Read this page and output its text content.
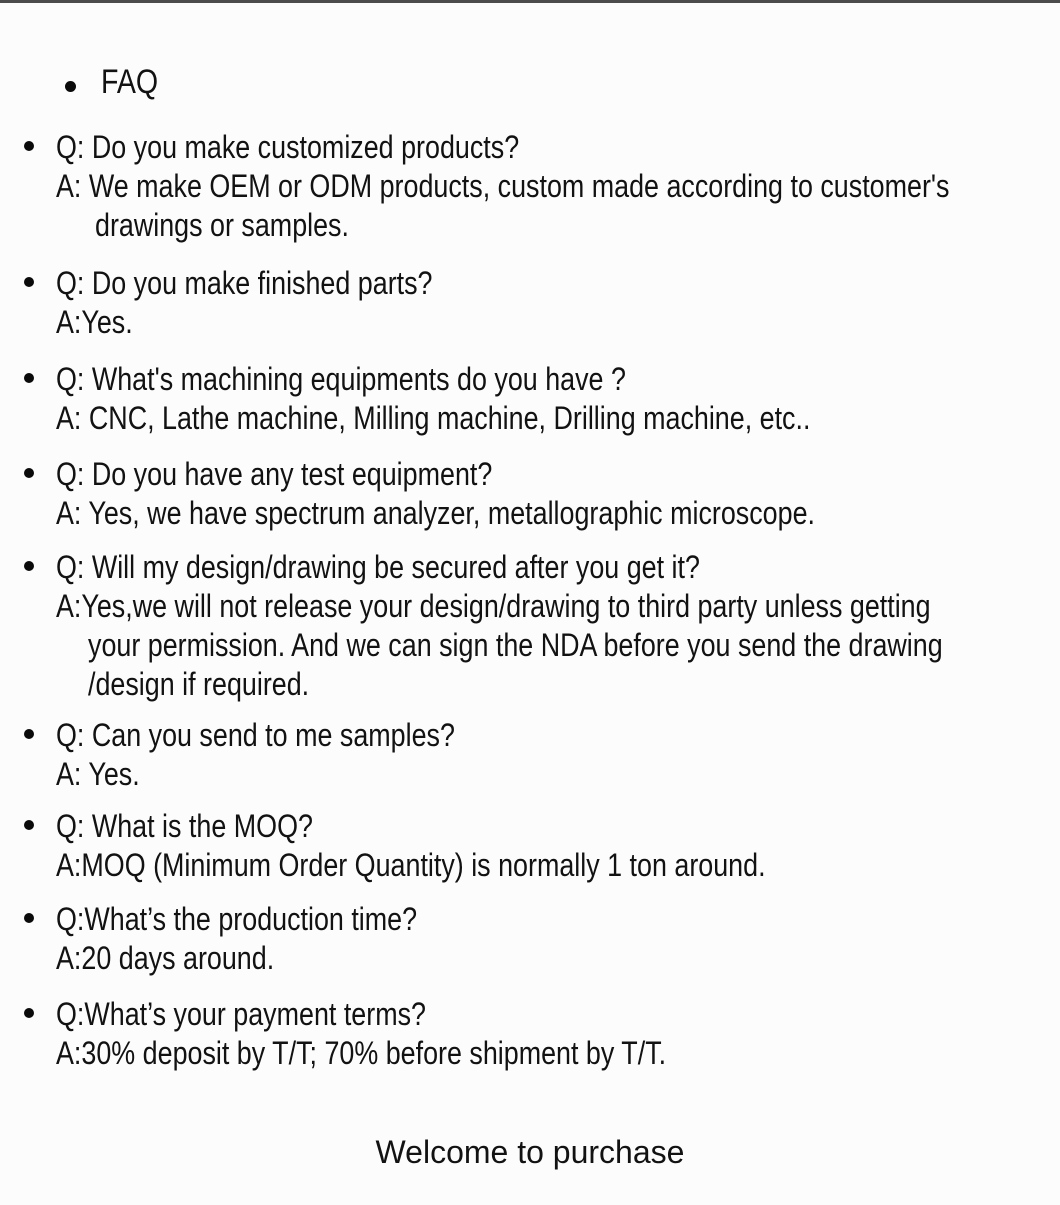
FAQ
Q: Do you make customized products?
A: We make OEM or ODM products, custom made according to customer's
drawings or samples.
Q: Do you make finished parts?
A:Yes.
Q: What's machining equipments do you have ?
A: CNC, Lathe machine, Milling machine, Drilling machine, etc..
Q: Do you have any test equipment?
A: Yes, we have spectrum analyzer, metallographic microscope.
Q: Will my design/drawing be secured after you get it?
A:Yes,we will not release your design/drawing to third party unless getting
your permission. And we can sign the NDA before you send the drawing
/design if required.
Q: Can you send to me samples?
A: Yes.
Q: What is the MOQ?
A:MOQ (Minimum Order Quantity) is normally 1 ton around.
Q:What’s the production time?
A:20 days around.
Q:What’s your payment terms?
A:30% deposit by T/T; 70% before shipment by T/T.
Welcome to purchase
